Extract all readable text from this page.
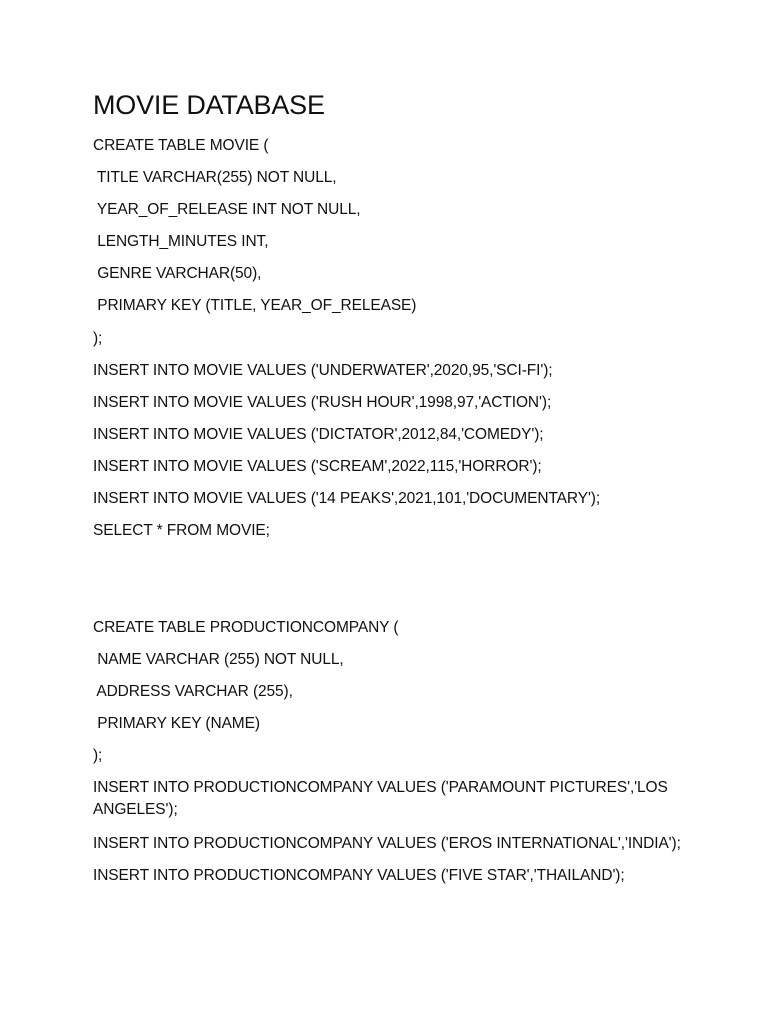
MOVIE DATABASE
CREATE TABLE MOVIE (
TITLE VARCHAR(255) NOT NULL,
YEAR_OF_RELEASE INT NOT NULL,
LENGTH_MINUTES INT,
GENRE VARCHAR(50),
PRIMARY KEY (TITLE, YEAR_OF_RELEASE)
);
INSERT INTO MOVIE VALUES ('UNDERWATER',2020,95,'SCI-FI');
INSERT INTO MOVIE VALUES ('RUSH HOUR',1998,97,'ACTION');
INSERT INTO MOVIE VALUES ('DICTATOR',2012,84,'COMEDY');
INSERT INTO MOVIE VALUES ('SCREAM',2022,115,'HORROR');
INSERT INTO MOVIE VALUES ('14 PEAKS',2021,101,'DOCUMENTARY');
SELECT * FROM MOVIE;
CREATE TABLE PRODUCTIONCOMPANY (
NAME VARCHAR (255) NOT NULL,
ADDRESS VARCHAR (255),
PRIMARY KEY (NAME)
);
INSERT INTO PRODUCTIONCOMPANY VALUES ('PARAMOUNT PICTURES','LOS ANGELES');
INSERT INTO PRODUCTIONCOMPANY VALUES ('EROS INTERNATIONAL','INDIA');
INSERT INTO PRODUCTIONCOMPANY VALUES ('FIVE STAR','THAILAND');
